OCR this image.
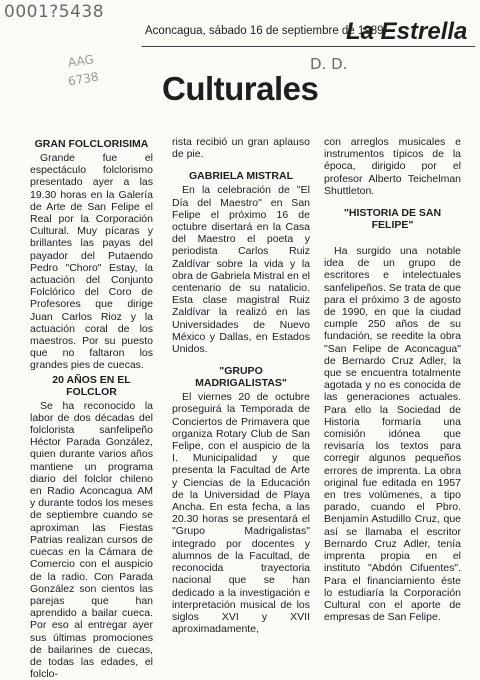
0001?5438
AAG
6738
D. D.
Aconcagua, sábado 16 de septiembre de 1989
La Estrella
Culturales
GRAN FOLCLORISIMA

Grande fue el espectáculo folclorismo presentado ayer a las 19.30 horas en la Galería de Arte de San Felipe el Real por la Corporación Cultural. Muy pícaras y brillantes las payas del payador del Putaendo Pedro "Choro" Estay, la actuación del Conjunto Folclórico del Coro de Profesores que dirige Juan Carlos Rioz y la actuación coral de los maestros. Por su puesto que no faltaron los grandes pies de cuecas.

20 AÑOS EN EL FOLCLOR

Se ha reconocido la labor de dos décadas del folclorista sanfelipeño Héctor Parada González, quien durante varios años mantiene un programa diario del folclor chileno en Radio Aconcagua AM y durante todos los meses de septiembre cuando se aproximan las Fiestas Patrias realizan cursos de cuecas en la Cámara de Comercio con el auspicio de la radio. Con Parada González son cientos las parejas que han aprendido a bailar cueca. Por eso al entregar ayer sus últimas promociones de bailarines de cuecas, de todas las edades, el folclo-

rista recibió un gran aplauso de pie.

GABRIELA MISTRAL

En la celebración de "El Día del Maestro" en San Felipe el próximo 16 de octubre disertará en la Casa del Maestro el poeta y periodista Carlos Ruiz Zaldívar sobre la vida y la obra de Gabriela Mistral en el centenario de su natalicio. Esta clase magistral Ruiz Zaldívar la realizó en las Universidades de Nuevo México y Dallas, en Estados Unidos.

"GRUPO MADRIGALISTAS"

El viernes 20 de octubre proseguirá la Temporada de Conciertos de Primavera que organiza Rotary Club de San Felipe, con el auspicio de la I. Municipalidad y que presenta la Facultad de Arte y Ciencias de la Educación de la Universidad de Playa Ancha. En esta fecha, a las 20.30 horas se presentará el "Grupo Madrigalistas" integrado por docentes y alumnos de la Facultad, de reconocida trayectoria nacional que se han dedicado a la investigación e interpretación musical de los siglos XVI y XVII aproximadamente,

con arreglos musicales e instrumentos típicos de la época, dirigido por el profesor Alberto Teichelman Shuttleton.

"HISTORIA DE SAN FELIPE"

Ha surgido una notable idea de un grupo de escritores e intelectuales sanfelipeños. Se trata de que para el próximo 3 de agosto de 1990, en que la ciudad cumple 250 años de su fundación, se reedite la obra "San Felipe de Aconcagua" de Bernardo Cruz Adler, la que se encuentra totalmente agotada y no es conocida de las generaciones actuales. Para ello la Sociedad de Historia formaría una comisión idónea que revisaría los textos para corregir algunos pequeños errores de imprenta. La obra original fue editada en 1957 en tres volúmenes, a tipo parado, cuando el Pbro. Benjamín Astudillo Cruz, que así se llamaba el escritor Bernardo Cruz Adler, tenía imprenta propia en el instituto "Abdón Cifuentes". Para el financiamiento éste lo estudiaría la Corporación Cultural con el aporte de empresas de San Felipe.
